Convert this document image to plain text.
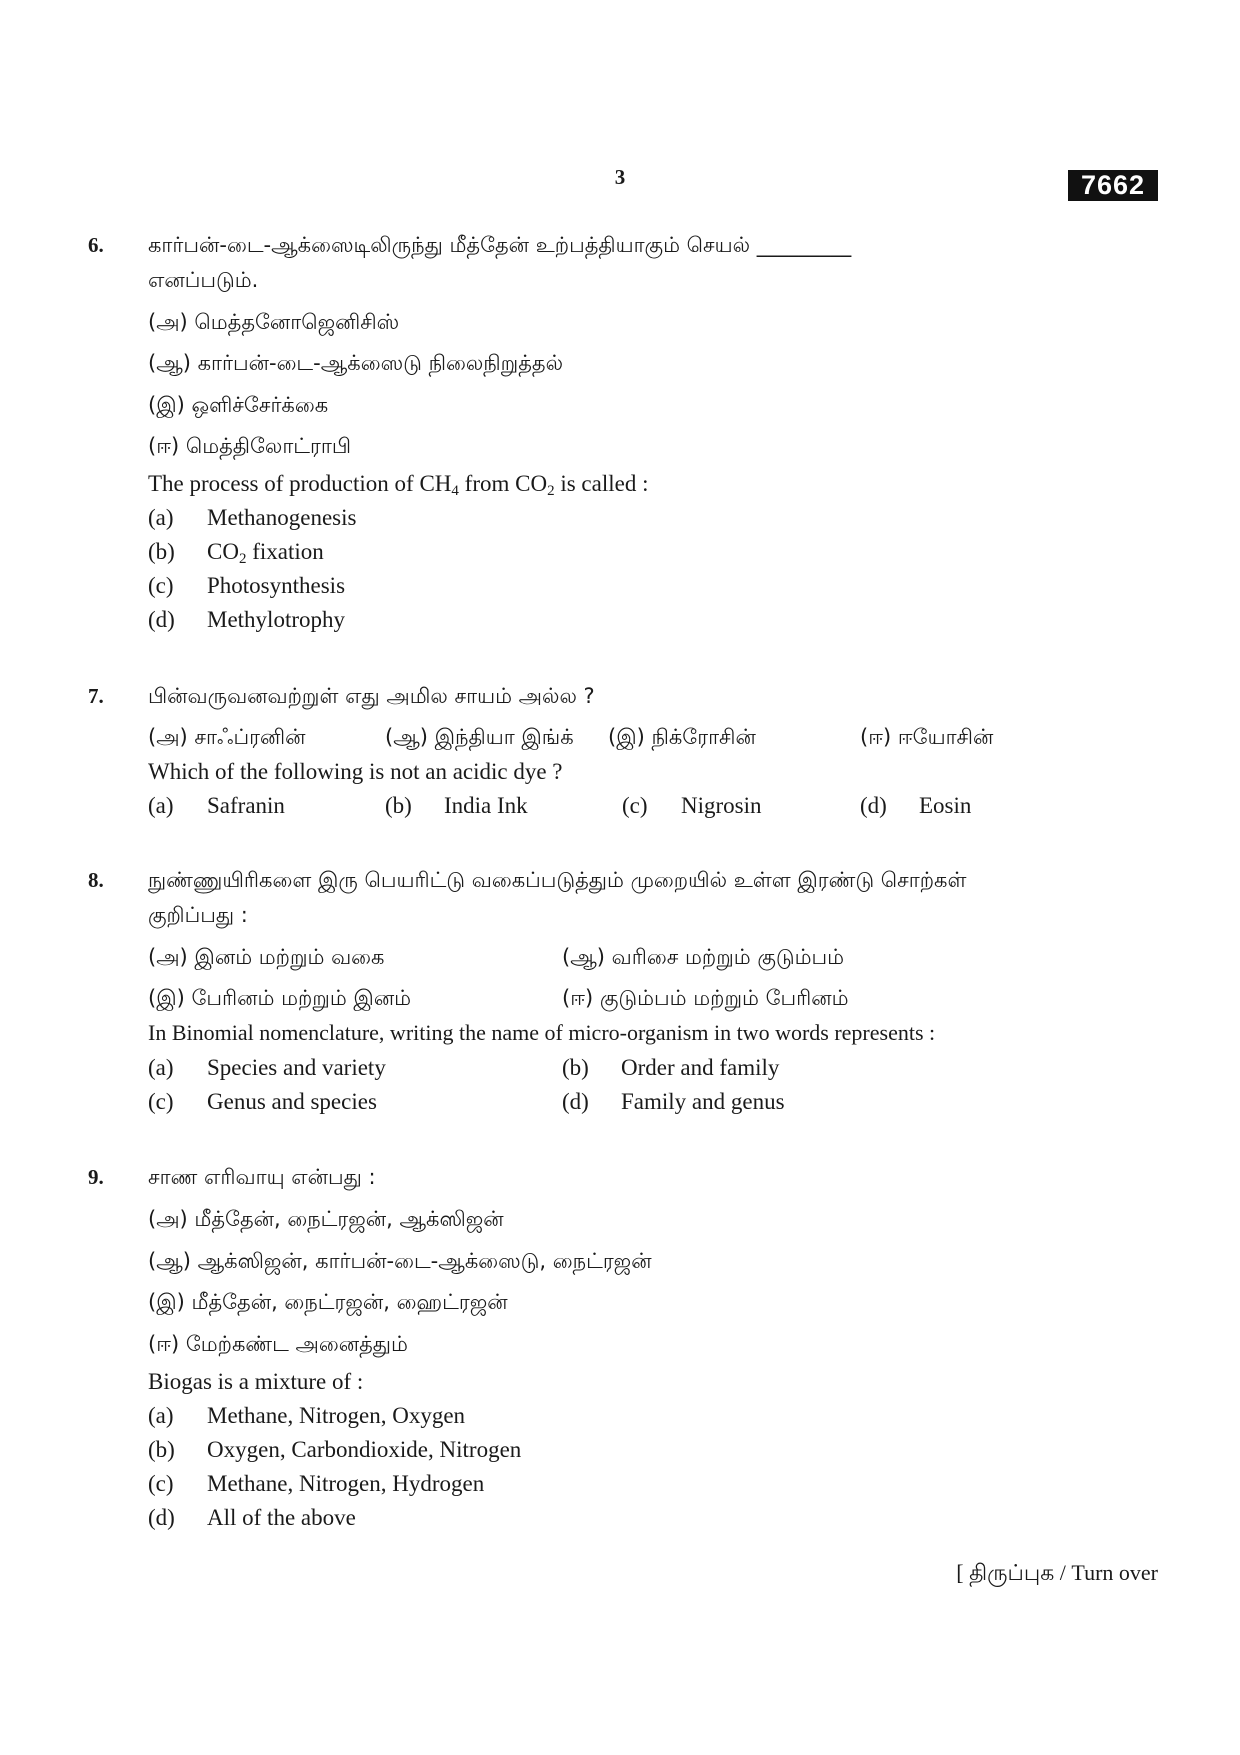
3	7662
6. கார்பன்-டை-ஆக்ஸைடிலிருந்து மீத்தேன் உற்பத்தியாகும் செயல் _________
எனப்படும்.
(அ) மெத்தனோஜெனிசிஸ்
(ஆ) கார்பன்-டை-ஆக்ஸைடு நிலைநிறுத்தல்
(இ) ஒளிச்சேர்க்கை
(ஈ) மெத்திலோட்ராபி
The process of production of $CH_4$ from $CO_2$ is called :
(a) Methanogenesis
(b) $CO_2$ fixation
(c) Photosynthesis
(d) Methylotrophy
7. பின்வருவனவற்றுள் எது அமில சாயம் அல்ல ?
(அ) சாஃப்ரனின்	(ஆ) இந்தியா இங்க் (இ) நிக்ரோசின்	(ஈ) ஈயோசின்
Which of the following is not an acidic dye ?
(a) Safranin	(b) India Ink	(c) Nigrosin	(d) Eosin
8. நுண்ணுயிரிகளை இரு பெயரிட்டு வகைப்படுத்தும் முறையில் உள்ள இரண்டு சொற்கள்
குறிப்பது :
(அ) இனம் மற்றும் வகை	(ஆ) வரிசை மற்றும் குடும்பம்
(இ) பேரினம் மற்றும் இனம்	(ஈ) குடும்பம் மற்றும் பேரினம்
In Binomial nomenclature, writing the name of micro-organism in two words represents :
(a) Species and variety	(b) Order and family
(c) Genus and species	(d) Family and genus
9. சாண எரிவாயு என்பது :
(அ) மீத்தேன், நைட்ரஜன், ஆக்ஸிஜன்
(ஆ) ஆக்ஸிஜன், கார்பன்-டை-ஆக்ஸைடு, நைட்ரஜன்
(இ) மீத்தேன், நைட்ரஜன், ஹைட்ரஜன்
(ஈ) மேற்கண்ட அனைத்தும்
Biogas is a mixture of :
(a) Methane, Nitrogen, Oxygen
(b) Oxygen, Carbondioxide, Nitrogen
(c) Methane, Nitrogen, Hydrogen
(d) All of the above
[ திருப்புக / Turn over
